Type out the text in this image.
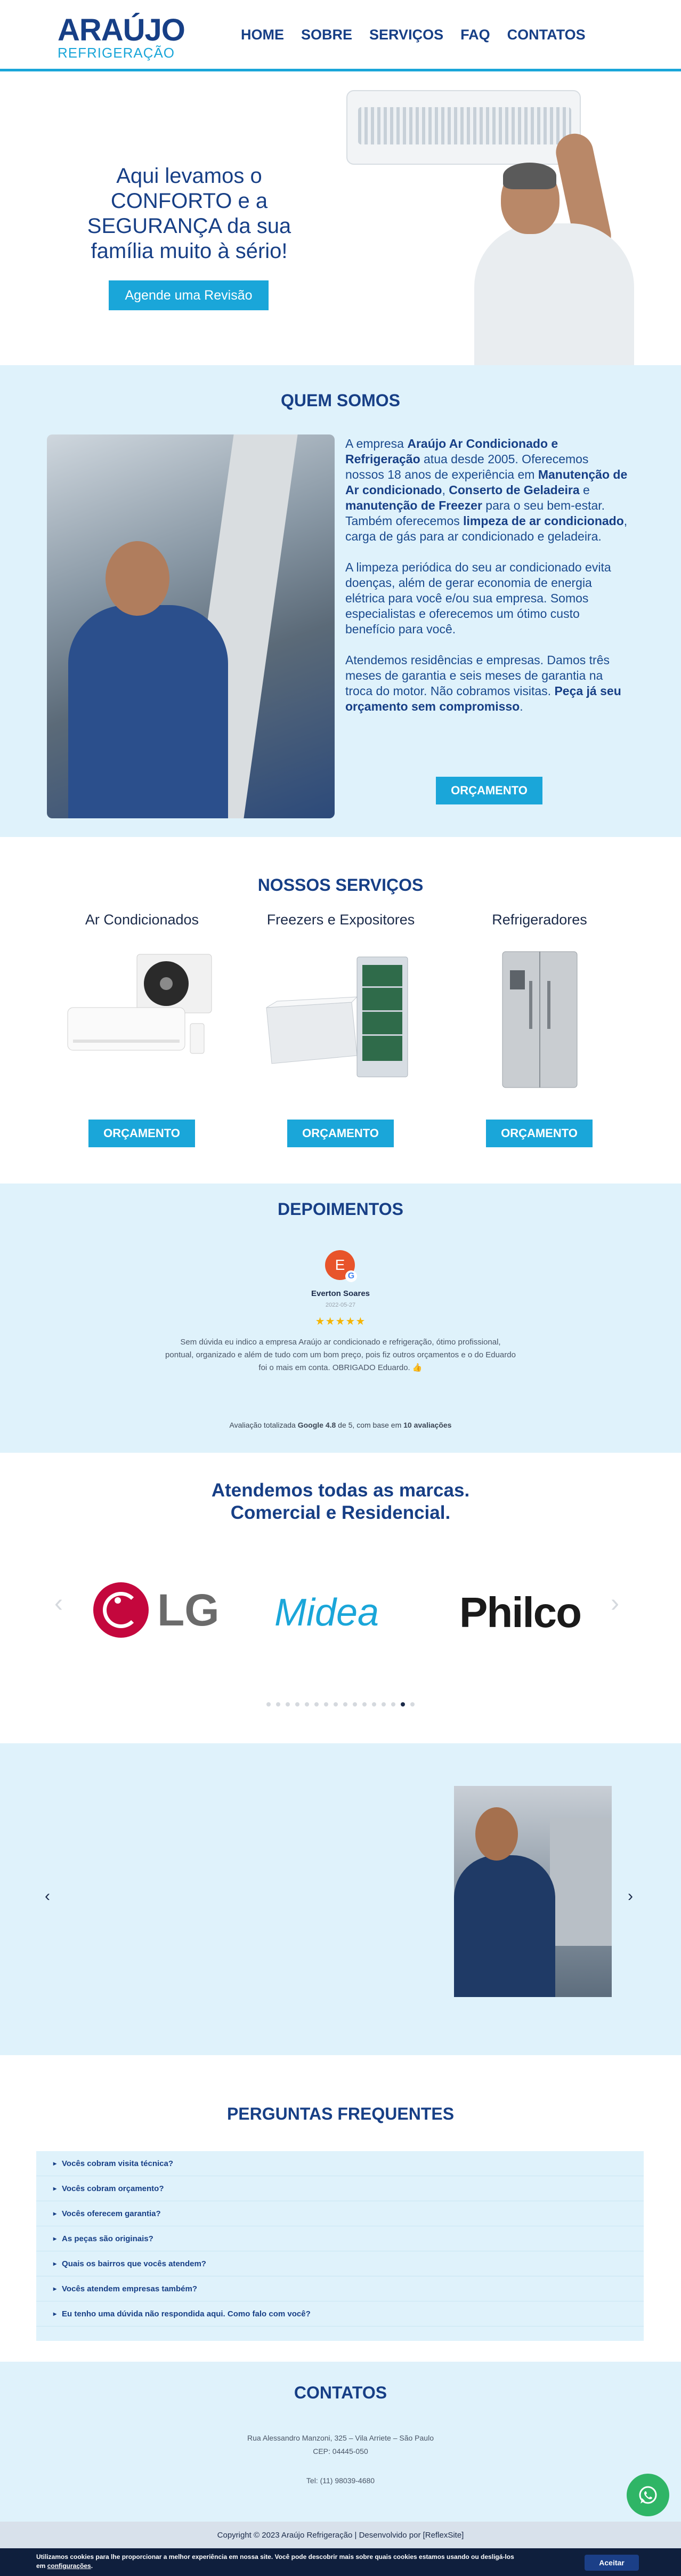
ARAÚJO
REFRIGERAÇÃO
HOME SOBRE SERVIÇOS FAQ CONTATOS
Aqui levamos o CONFORTO e a SEGURANÇA da sua família muito à sério!
Agende uma Revisão
QUEM SOMOS

A empresa Araújo Ar Condicionado e Refrigeração atua desde 2005. Oferecemos nossos 18 anos de experiência em Manutenção de Ar condicionado, Conserto de Geladeira e manutenção de Freezer para o seu bem-estar. Também oferecemos limpeza de ar condicionado, carga de gás para ar condicionado e geladeira.

A limpeza periódica do seu ar condicionado evita doenças, além de gerar economia de energia elétrica para você e/ou sua empresa. Somos especialistas e oferecemos um ótimo custo benefício para você.

Atendemos residências e empresas. Damos três meses de garantia e seis meses de garantia na troca do motor. Não cobramos visitas. Peça já seu orçamento sem compromisso.

ORÇAMENTO
NOSSOS SERVIÇOS
Ar Condicionados
ORÇAMENTO
Freezers e Expositores
ORÇAMENTO
Refrigeradores
ORÇAMENTO
DEPOIMENTOS
E
G
Everton Soares
2022-05-27
★★★★★
Sem dúvida eu indico a empresa Araújo ar condicionado e refrigeração, ótimo profissional, pontual, organizado e além de tudo com um bom preço, pois fiz outros orçamentos e o do Eduardo foi o mais em conta. OBRIGADO Eduardo. 👍
Avaliação totalizada Google 4.8 de 5, com base em 10 avaliações
Atendemos todas as marcas.
Comercial e Residencial.
‹	›
LG Midea	Philco
‹	›
PERGUNTAS FREQUENTES
▸ Vocês cobram visita técnica?
▸ Vocês cobram orçamento?
▸ Vocês oferecem garantia?
▸ As peças são originais?
▸ Quais os bairros que vocês atendem?
▸ Vocês atendem empresas também?
▸ Eu tenho uma dúvida não respondida aqui. Como falo com você?
CONTATOS
Rua Alessandro Manzoni, 325 – Vila Arriete – São Paulo
CEP: 04445-050
Tel: (11) 98039-4680
Copyright © 2023 Araújo Refrigeração | Desenvolvido por [ReflexSite]
Utilizamos cookies para lhe proporcionar a melhor experiência em nossa site. Você pode descobrir mais sobre quais cookies estamos usando ou desligá-los em configurações.	Aceitar
